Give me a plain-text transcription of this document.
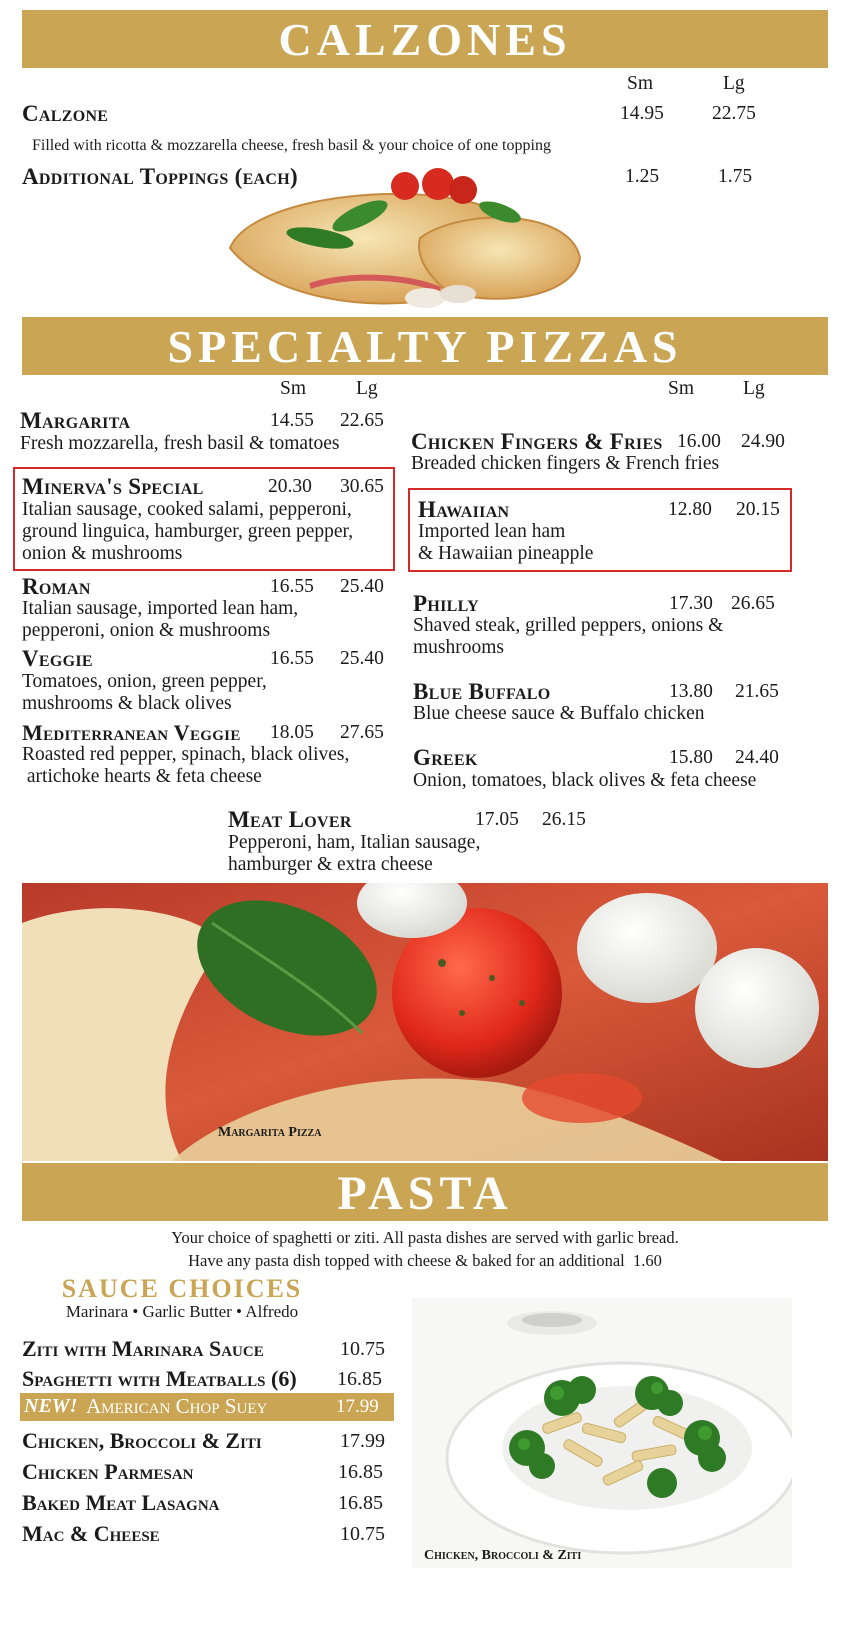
CALZONES
Sm	Lg
Calzone	14.95 22.75
Filled with ricotta & mozzarella cheese, fresh basil & your choice of one topping
Additional Toppings (each)	1.25	1.75
SPECIALTY PIZZAS
Sm	Lg	Sm	Lg
Margarita	14.55 22.65
Fresh mozzarella, fresh basil & tomatoes
Minerva's Special	20.30 30.65
Italian sausage, cooked salami, pepperoni,
ground linguica, hamburger, green pepper,
onion & mushrooms
Roman	16.55 25.40
Italian sausage, imported lean ham,
pepperoni, onion & mushrooms
Veggie	16.55 25.40
Tomatoes, onion, green pepper,
mushrooms & black olives
Mediterranean Veggie 18.05 27.65
Roasted red pepper, spinach, black olives,
artichoke hearts & feta cheese
Chicken Fingers & Fries 16.00 24.90
Breaded chicken fingers & French fries
Hawaiian	12.80 20.15
Imported lean ham
& Hawaiian pineapple
Philly	17.30 26.65
Shaved steak, grilled peppers, onions &
mushrooms
Blue Buffalo	13.80 21.65
Blue cheese sauce & Buffalo chicken
Greek	15.80 24.40
Onion, tomatoes, black olives & feta cheese
Meat Lover	17.05 26.15
Pepperoni, ham, Italian sausage,
hamburger & extra cheese
Margarita Pizza
PASTA
Your choice of spaghetti or ziti. All pasta dishes are served with garlic bread.
Have any pasta dish topped with cheese & baked for an additional  1.60
SAUCE CHOICES
Marinara • Garlic Butter • Alfredo
Ziti with Marinara Sauce	10.75
Spaghetti with Meatballs (6) 16.85
NEW! American Chop Suey	17.99
Chicken, Broccoli & Ziti	17.99
Chicken Parmesan	16.85
Baked Meat Lasagna	16.85
Mac & Cheese	10.75
Chicken, Broccoli & Ziti
